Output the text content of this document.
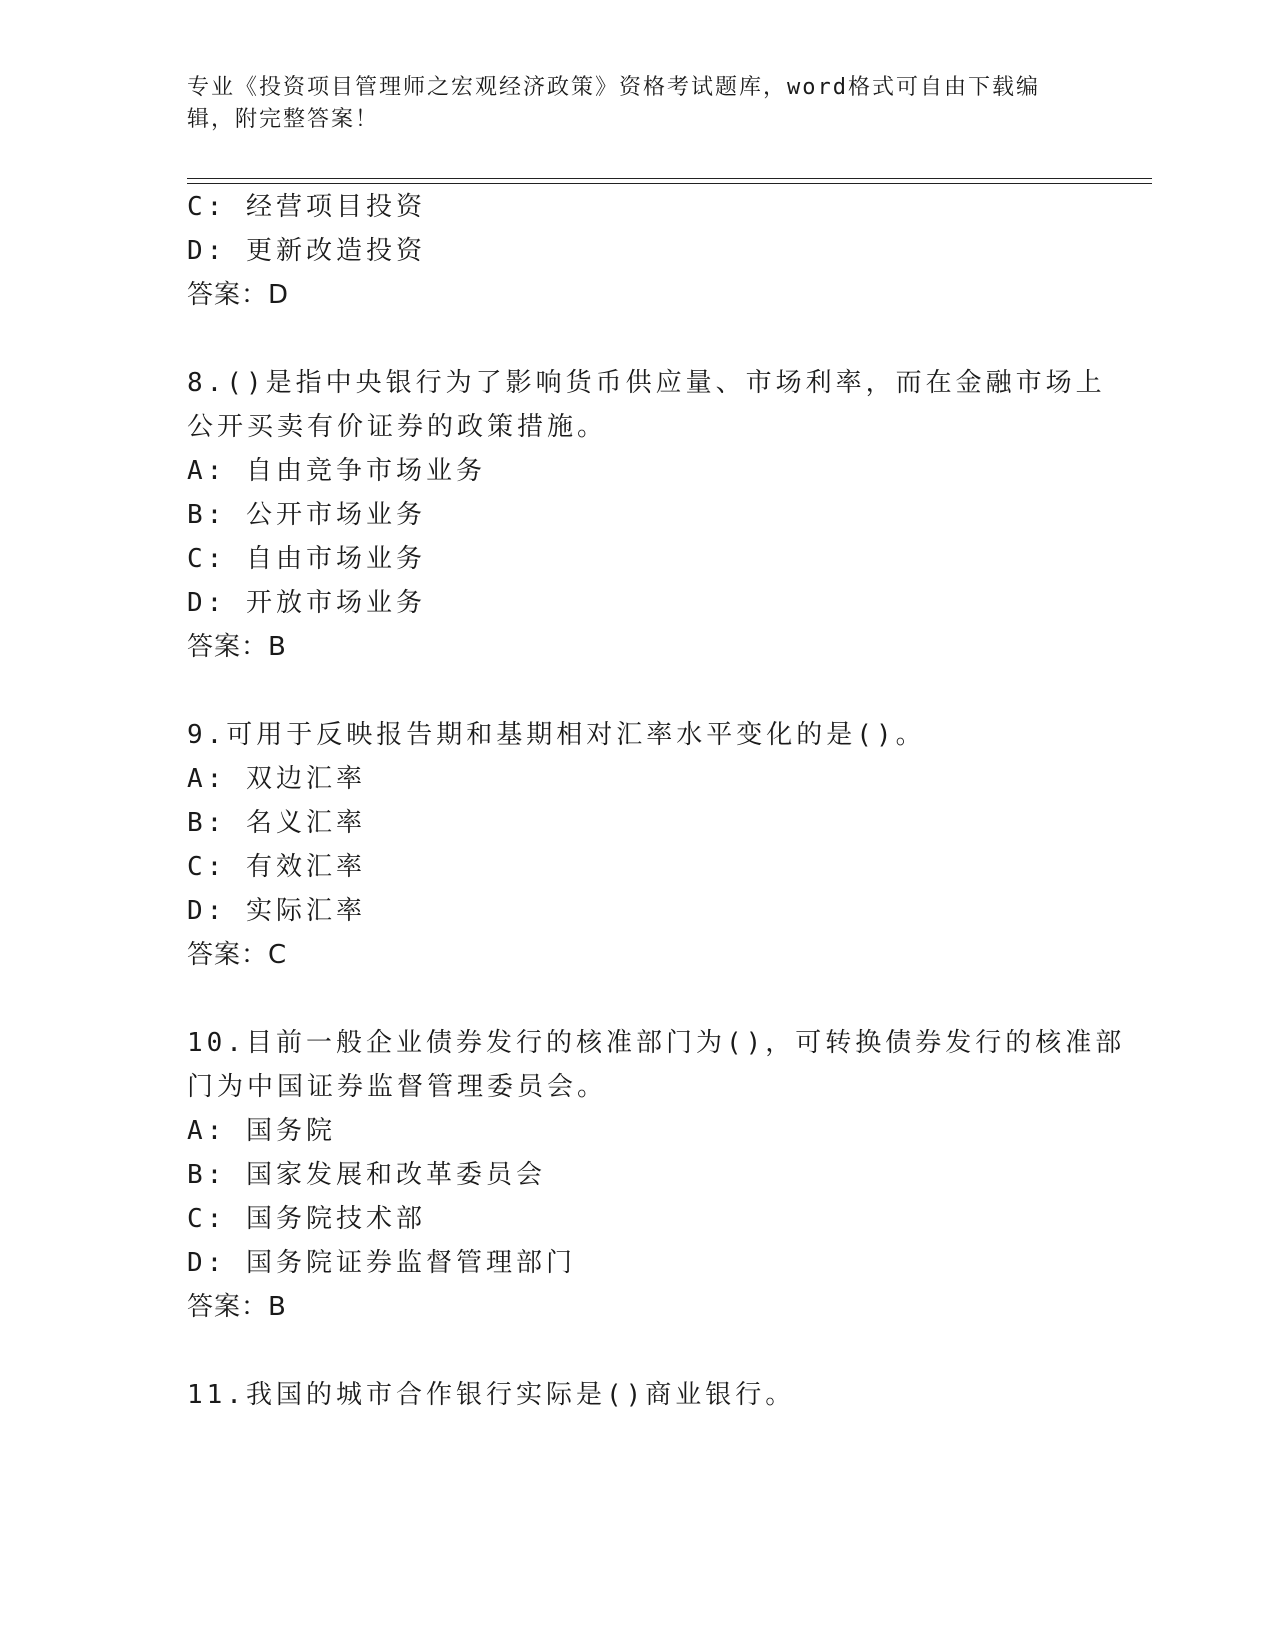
专业《投资项目管理师之宏观经济政策》资格考试题库，word格式可自由下载编
辑，附完整答案！
C: 经营项目投资
D: 更新改造投资
答案：D
8.()是指中央银行为了影响货币供应量、市场利率，而在金融市场上
公开买卖有价证券的政策措施。
A: 自由竞争市场业务
B: 公开市场业务
C: 自由市场业务
D: 开放市场业务
答案：B
9.可用于反映报告期和基期相对汇率水平变化的是()。
A: 双边汇率
B: 名义汇率
C: 有效汇率
D: 实际汇率
答案：C
10.目前一般企业债券发行的核准部门为()，可转换债券发行的核准部
门为中国证券监督管理委员会。
A: 国务院
B: 国家发展和改革委员会
C: 国务院技术部
D: 国务院证券监督管理部门
答案：B
11.我国的城市合作银行实际是()商业银行。
